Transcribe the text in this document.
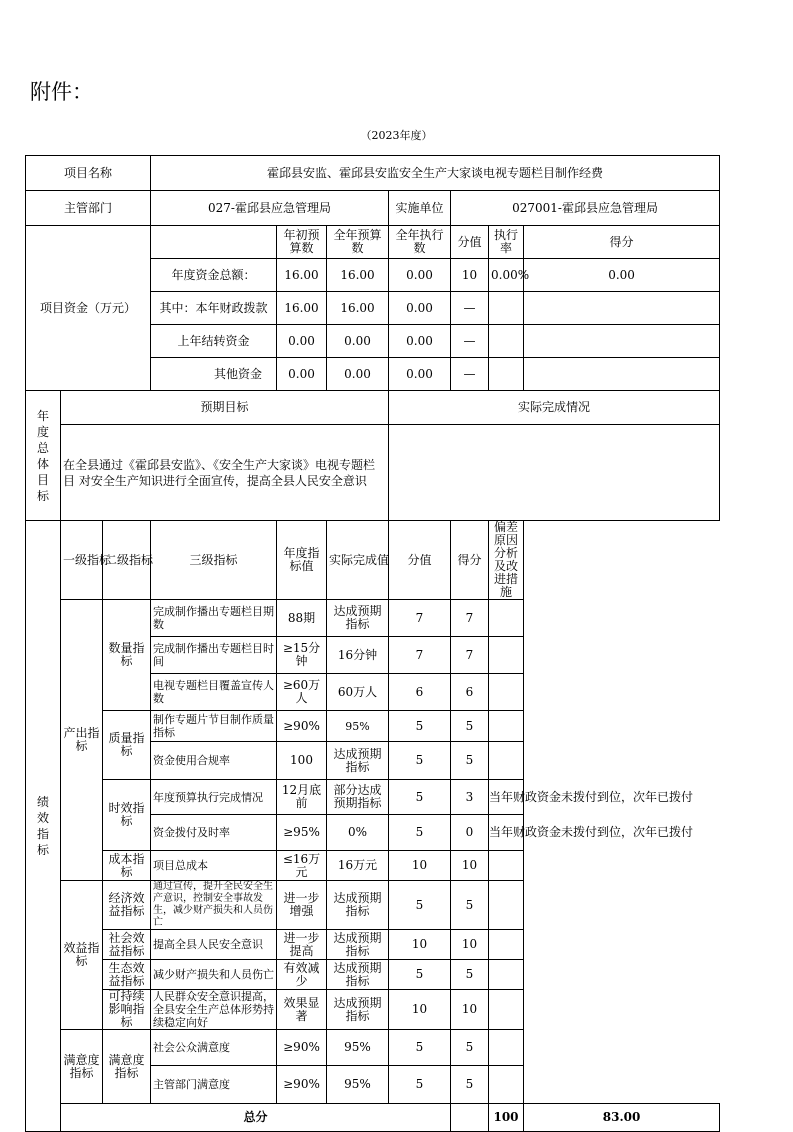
附件：
（2023年度）
项目名称			霍邱县安监、霍邱县安监安全生产大家谈电视专题栏目制作经费							
主管部门			027-霍邱县应急管理局			实施单位	027001-霍邱县应急管理局			
项目资金（万元）				年初预算数	全年预算数	全年执行数	分值	执行率	得分	
			年度资金总额：	16.00	16.00	0.00	10	0.00%	0.00	
			其中：本年财政拨款	16.00	16.00	0.00	—			
			上年结转资金	0.00	0.00	0.00	—			
			其他资金	0.00	0.00	0.00	—			
年度总体目标	预期目标					实际完成情况				
	在全县通过《霍邱县安监》、《安全生产大家谈》电视专题栏目 对安全生产知识进行全面宣传，提高全县人民安全意识									
绩效指标	一级指标	二级指标	三级指标	年度指标值	实际完成值	分值	得分	偏差原因分析及改进措施		
	产出指标	数量指标	完成制作播出专题栏目期数	88期	达成预期指标	7	7			
			完成制作播出专题栏目时间	≥15分钟	16分钟	7	7			
			电视专题栏目覆盖宣传人数	≥60万人	60万人	6	6			
		质量指标	制作专题片节目制作质量指标	≥90%	95%	5	5			
			资金使用合规率	100	达成预期指标	5	5			
		时效指标	年度预算执行完成情况	12月底前	部分达成预期指标	5	3	当年财政资金未拨付到位，次年已拨付		
			资金拨付及时率	≥95%	0%	5	0	当年财政资金未拨付到位，次年已拨付		
		成本指标	项目总成本	≤16万元	16万元	10	10			
	效益指标	经济效益指标	通过宣传，提升全民安全生产意识，控制安全事故发生，减少财产损失和人员伤亡	进一步增强	达成预期指标	5	5			
		社会效益指标	提高全县人民安全意识	进一步提高	达成预期指标	10	10			
		生态效益指标	减少财产损失和人员伤亡	有效减少	达成预期指标	5	5			
		可持续影响指标	人民群众安全意识提高，全县安全生产总体形势持续稳定向好	效果显著	达成预期指标	10	10			
	满意度指标	满意度指标	社会公众满意度	≥90%	95%	5	5			
			主管部门满意度	≥90%	95%	5	5			
	总分							100	83.00	
